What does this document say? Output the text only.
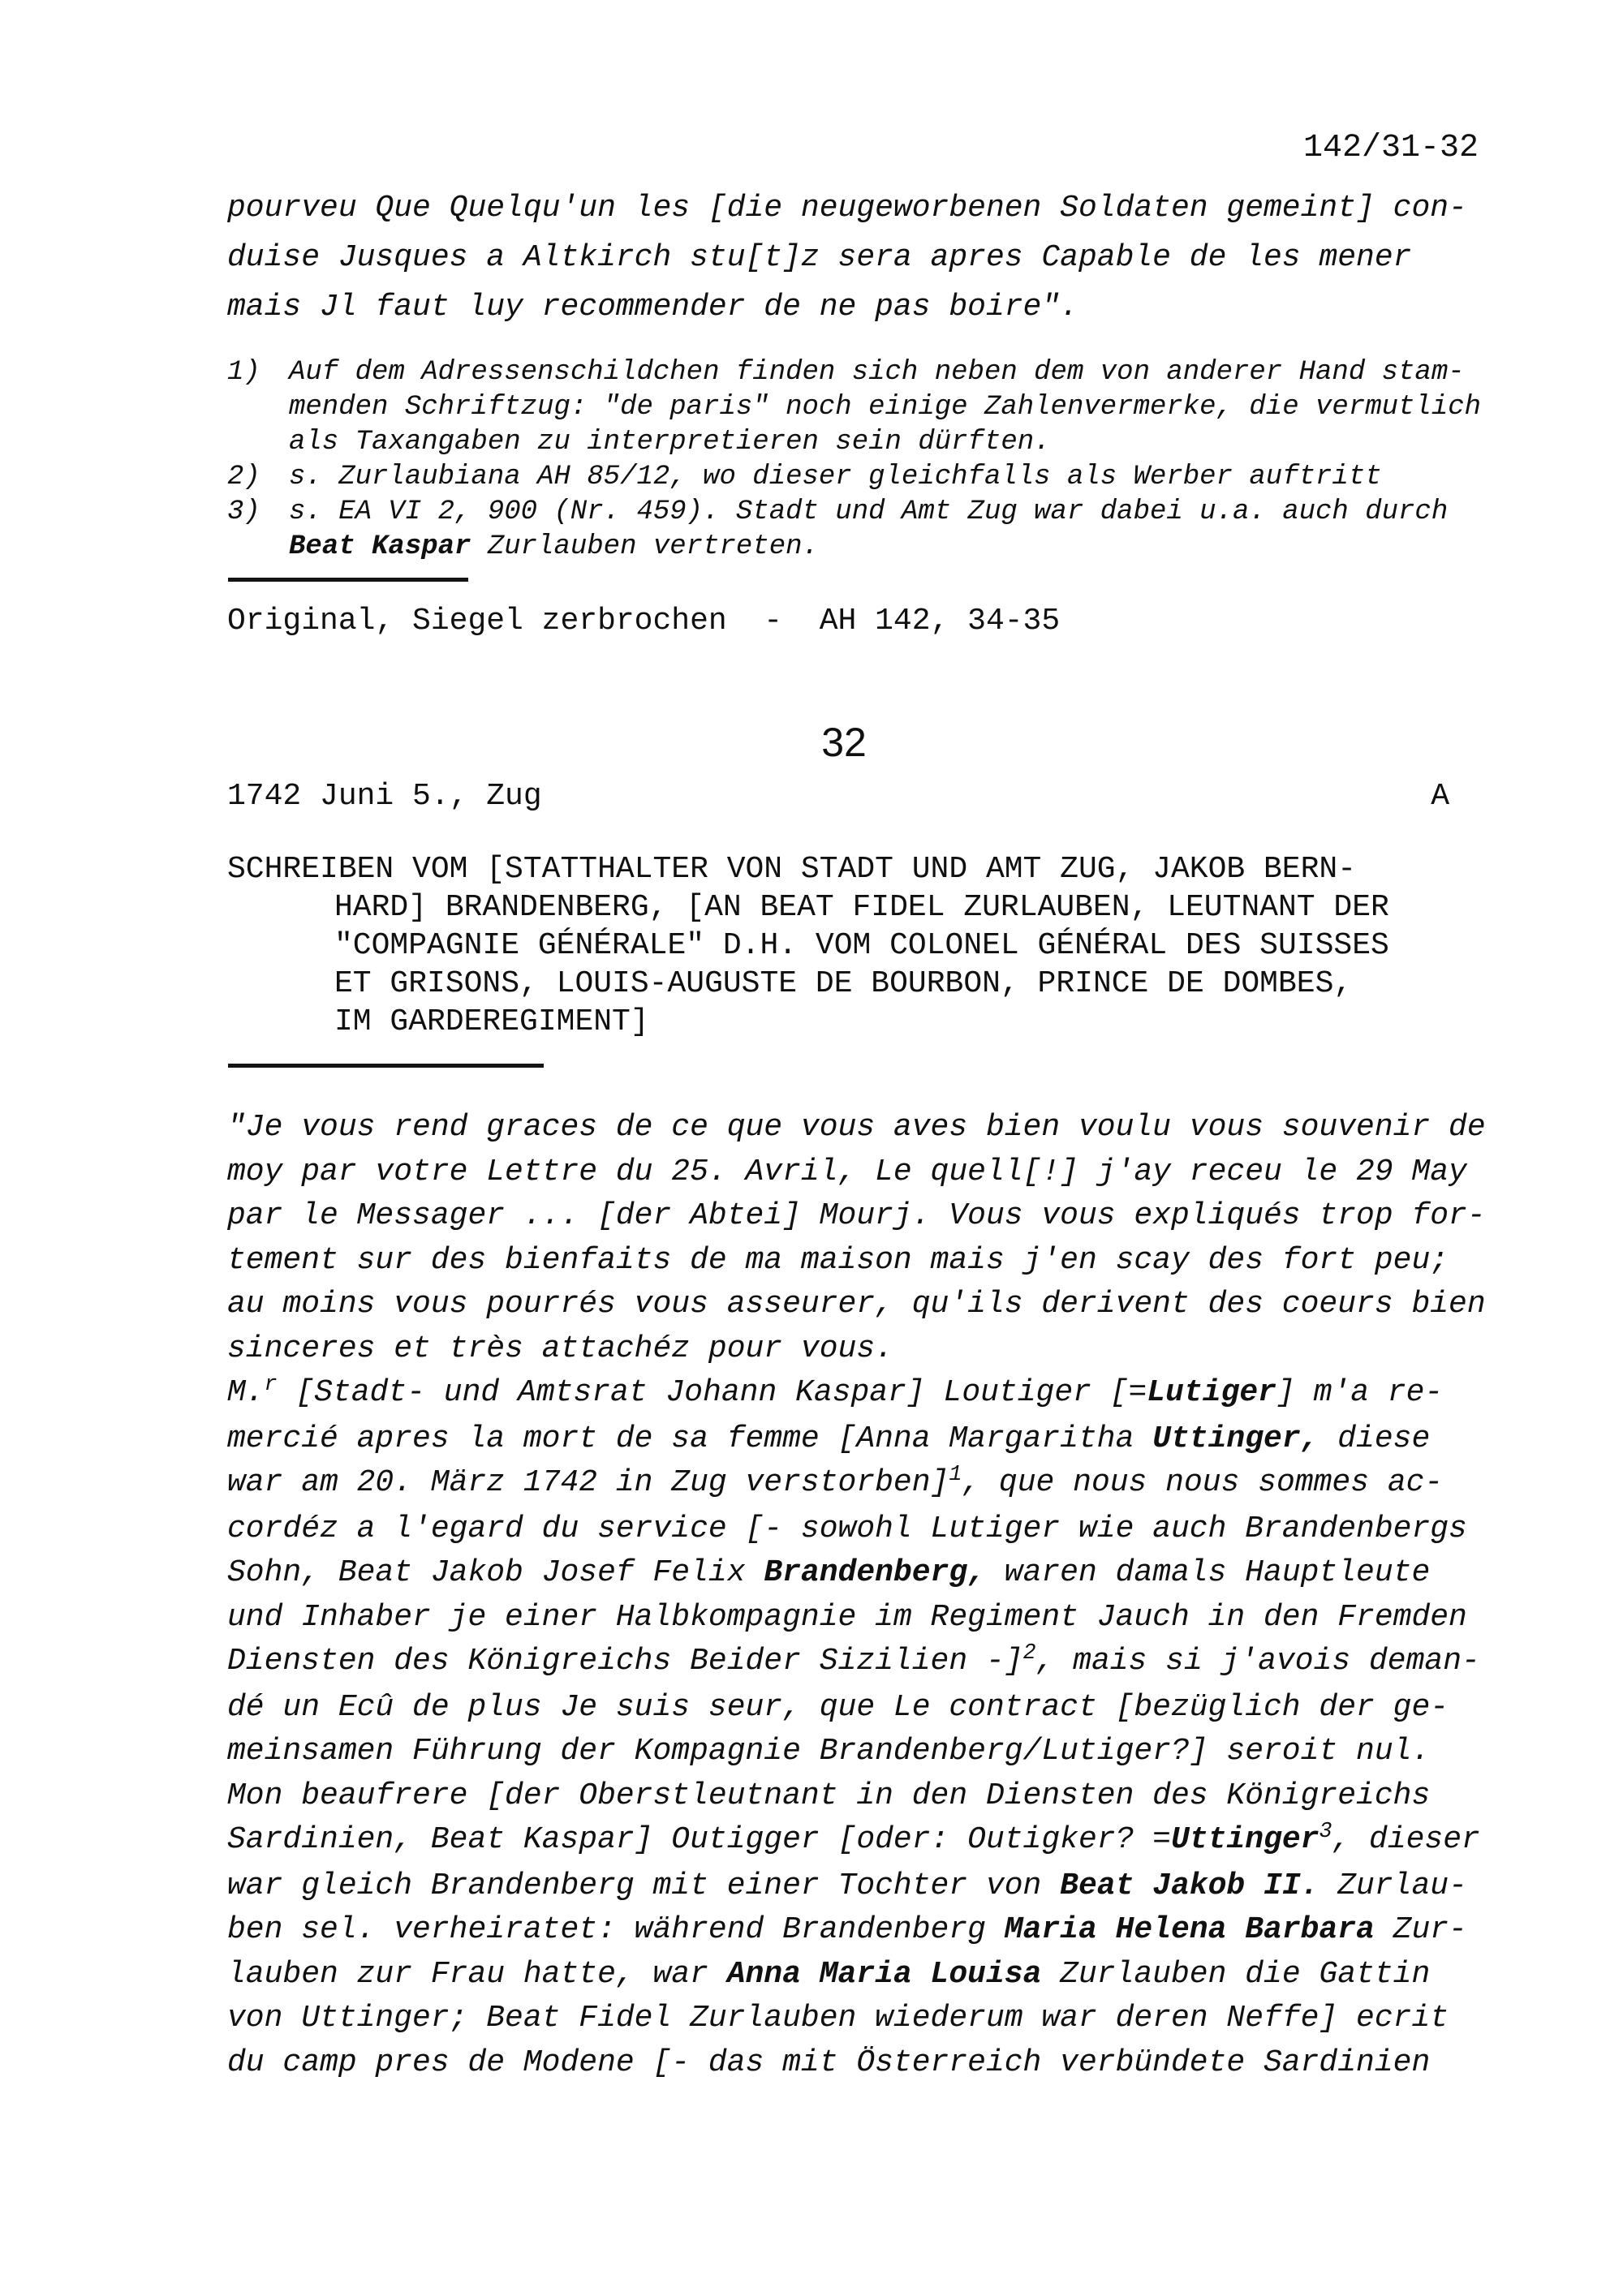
142/31-32
pourveu Que Quelqu'un les [die neugeworbenen Soldaten gemeint] con-
duise Jusques a Altkirch stu[t]z sera apres Capable de les mener
mais Jl faut luy recommender de ne pas boire".
1)	Auf dem Adressenschildchen finden sich neben dem von anderer Hand stam-
menden Schriftzug: "de paris" noch einige Zahlenvermerke, die vermutlich
als Taxangaben zu interpretieren sein dürften.
2)	s. Zurlaubiana AH 85/12, wo dieser gleichfalls als Werber auftritt
3)	s. EA VI 2, 900 (Nr. 459). Stadt und Amt Zug war dabei u.a. auch durch
Beat Kaspar Zurlauben vertreten.
Original, Siegel zerbrochen  -  AH 142, 34-35
32
1742 Juni 5., Zug	A
SCHREIBEN VOM [STATTHALTER VON STADT UND AMT ZUG, JAKOB BERN-
HARD] BRANDENBERG, [AN BEAT FIDEL ZURLAUBEN, LEUTNANT DER
"COMPAGNIE GÉNÉRALE" D.H. VOM COLONEL GÉNÉRAL DES SUISSES
ET GRISONS, LOUIS-AUGUSTE DE BOURBON, PRINCE DE DOMBES,
IM GARDEREGIMENT]
"Je vous rend graces de ce que vous aves bien voulu vous souvenir de
moy par votre Lettre du 25. Avril, Le quell[!] j'ay receu le 29 May
par le Messager ... [der Abtei] Mourj. Vous vous expliqués trop for-
tement sur des bienfaits de ma maison mais j'en scay des fort peu;
au moins vous pourrés vous asseurer, qu'ils derivent des coeurs bien
sinceres et très attachéz pour vous.
M.$^r$ [Stadt- und Amtsrat Johann Kaspar] Loutiger [=Lutiger] m'a re-
mercié apres la mort de sa femme [Anna Margaritha Uttinger, diese
war am 20. März 1742 in Zug verstorben]$^1$, que nous nous sommes ac-
cordéz a l'egard du service [- sowohl Lutiger wie auch Brandenbergs
Sohn, Beat Jakob Josef Felix Brandenberg, waren damals Hauptleute
und Inhaber je einer Halbkompagnie im Regiment Jauch in den Fremden
Diensten des Königreichs Beider Sizilien -]$^2$, mais si j'avois deman-
dé un Ecû de plus Je suis seur, que Le contract [bezüglich der ge-
meinsamen Führung der Kompagnie Brandenberg/Lutiger?] seroit nul.
Mon beaufrere [der Oberstleutnant in den Diensten des Königreichs
Sardinien, Beat Kaspar] Outigger [oder: Outigker? =Uttinger$^3$, dieser
war gleich Brandenberg mit einer Tochter von Beat Jakob II. Zurlau-
ben sel. verheiratet: während Brandenberg Maria Helena Barbara Zur-
lauben zur Frau hatte, war Anna Maria Louisa Zurlauben die Gattin
von Uttinger; Beat Fidel Zurlauben wiederum war deren Neffe] ecrit
du camp pres de Modene [- das mit Österreich verbündete Sardinien
